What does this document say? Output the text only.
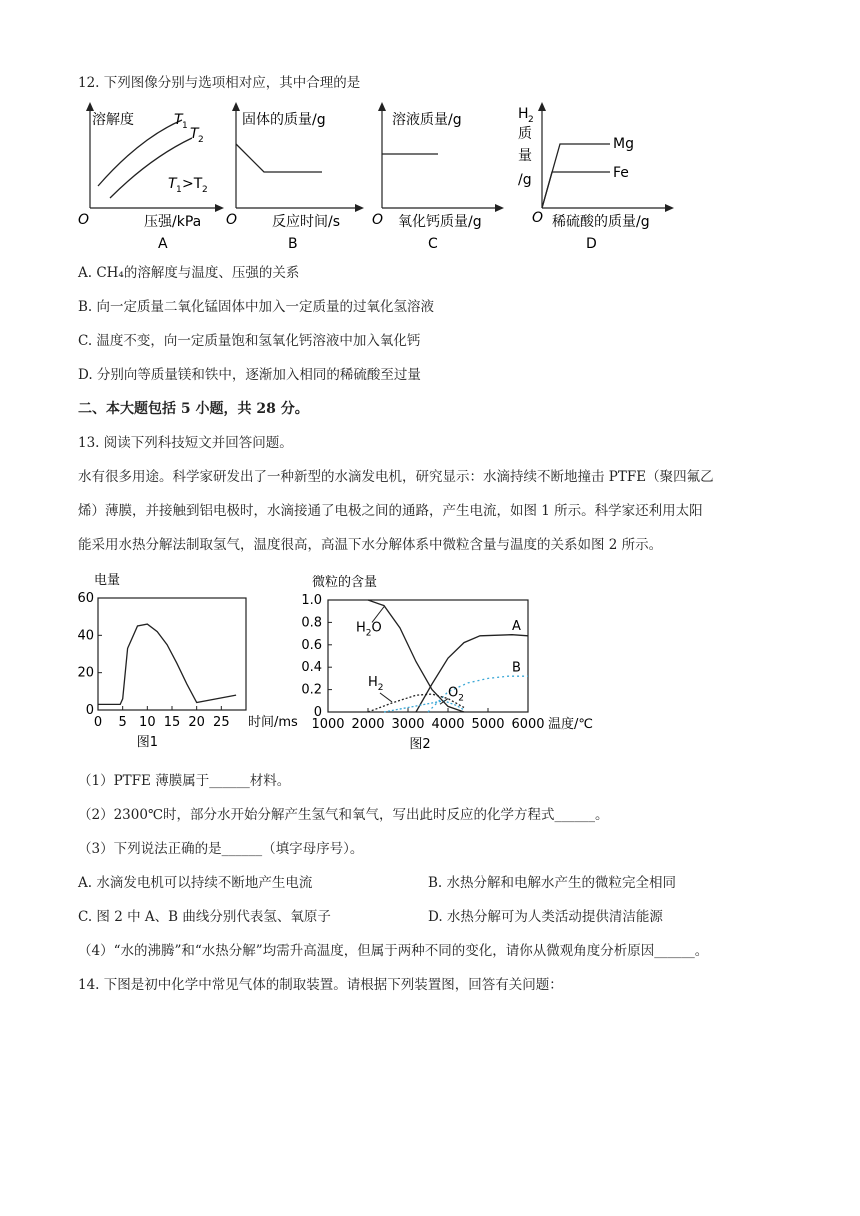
12. 下列图像分别与选项相对应，其中合理的是
溶解度	T 1 T 2
T 1 >T 2
O	压强/kPa
A
固体的质量/g
O 反应时间/s
B
溶液质量/g
O 氧化钙质量/g
C
H 2
质
量
/g
Mg
Fe
O 稀硫酸的质量/g
D
A. CH₄的溶解度与温度、压强的关系
B. 向一定质量二氧化锰固体中加入一定质量的过氧化氢溶液
C. 温度不变，向一定质量饱和氢氧化钙溶液中加入氧化钙
D. 分别向等质量镁和铁中，逐渐加入相同的稀硫酸至过量
二、本大题包括 5 小题，共 28 分。
13. 阅读下列科技短文并回答问题。
水有很多用途。科学家研发出了一种新型的水滴发电机，研究显示：水滴持续不断地撞击 PTFE（聚四氟乙
烯）薄膜，并接触到铝电极时，水滴接通了电极之间的通路，产生电流，如图 1 所示。科学家还利用太阳
能采用水热分解法制取氢气，温度很高，高温下水分解体系中微粒含量与温度的关系如图 2 所示。
电量
60
40
20
0
0 5 10 15 20 25 时间/ms
图1
微粒的含量
1.0
0.8
0.6
0.4
0.2
0
1000 2000 3000 4000 5000 6000 温度/℃
图2
$H_2O$	A
B
$H_2$	$O_2$
（1）PTFE 薄膜属于______材料。
（2）2300℃时，部分水开始分解产生氢气和氧气，写出此时反应的化学方程式______。
（3）下列说法正确的是______（填字母序号）。
A. 水滴发电机可以持续不断地产生电流	B. 水热分解和电解水产生的微粒完全相同
C. 图 2 中 A、B 曲线分别代表氢、氧原子	D. 水热分解可为人类活动提供清洁能源
（4）“水的沸腾”和“水热分解”均需升高温度，但属于两种不同的变化，请你从微观角度分析原因______。
14. 下图是初中化学中常见气体的制取装置。请根据下列装置图，回答有关问题：
